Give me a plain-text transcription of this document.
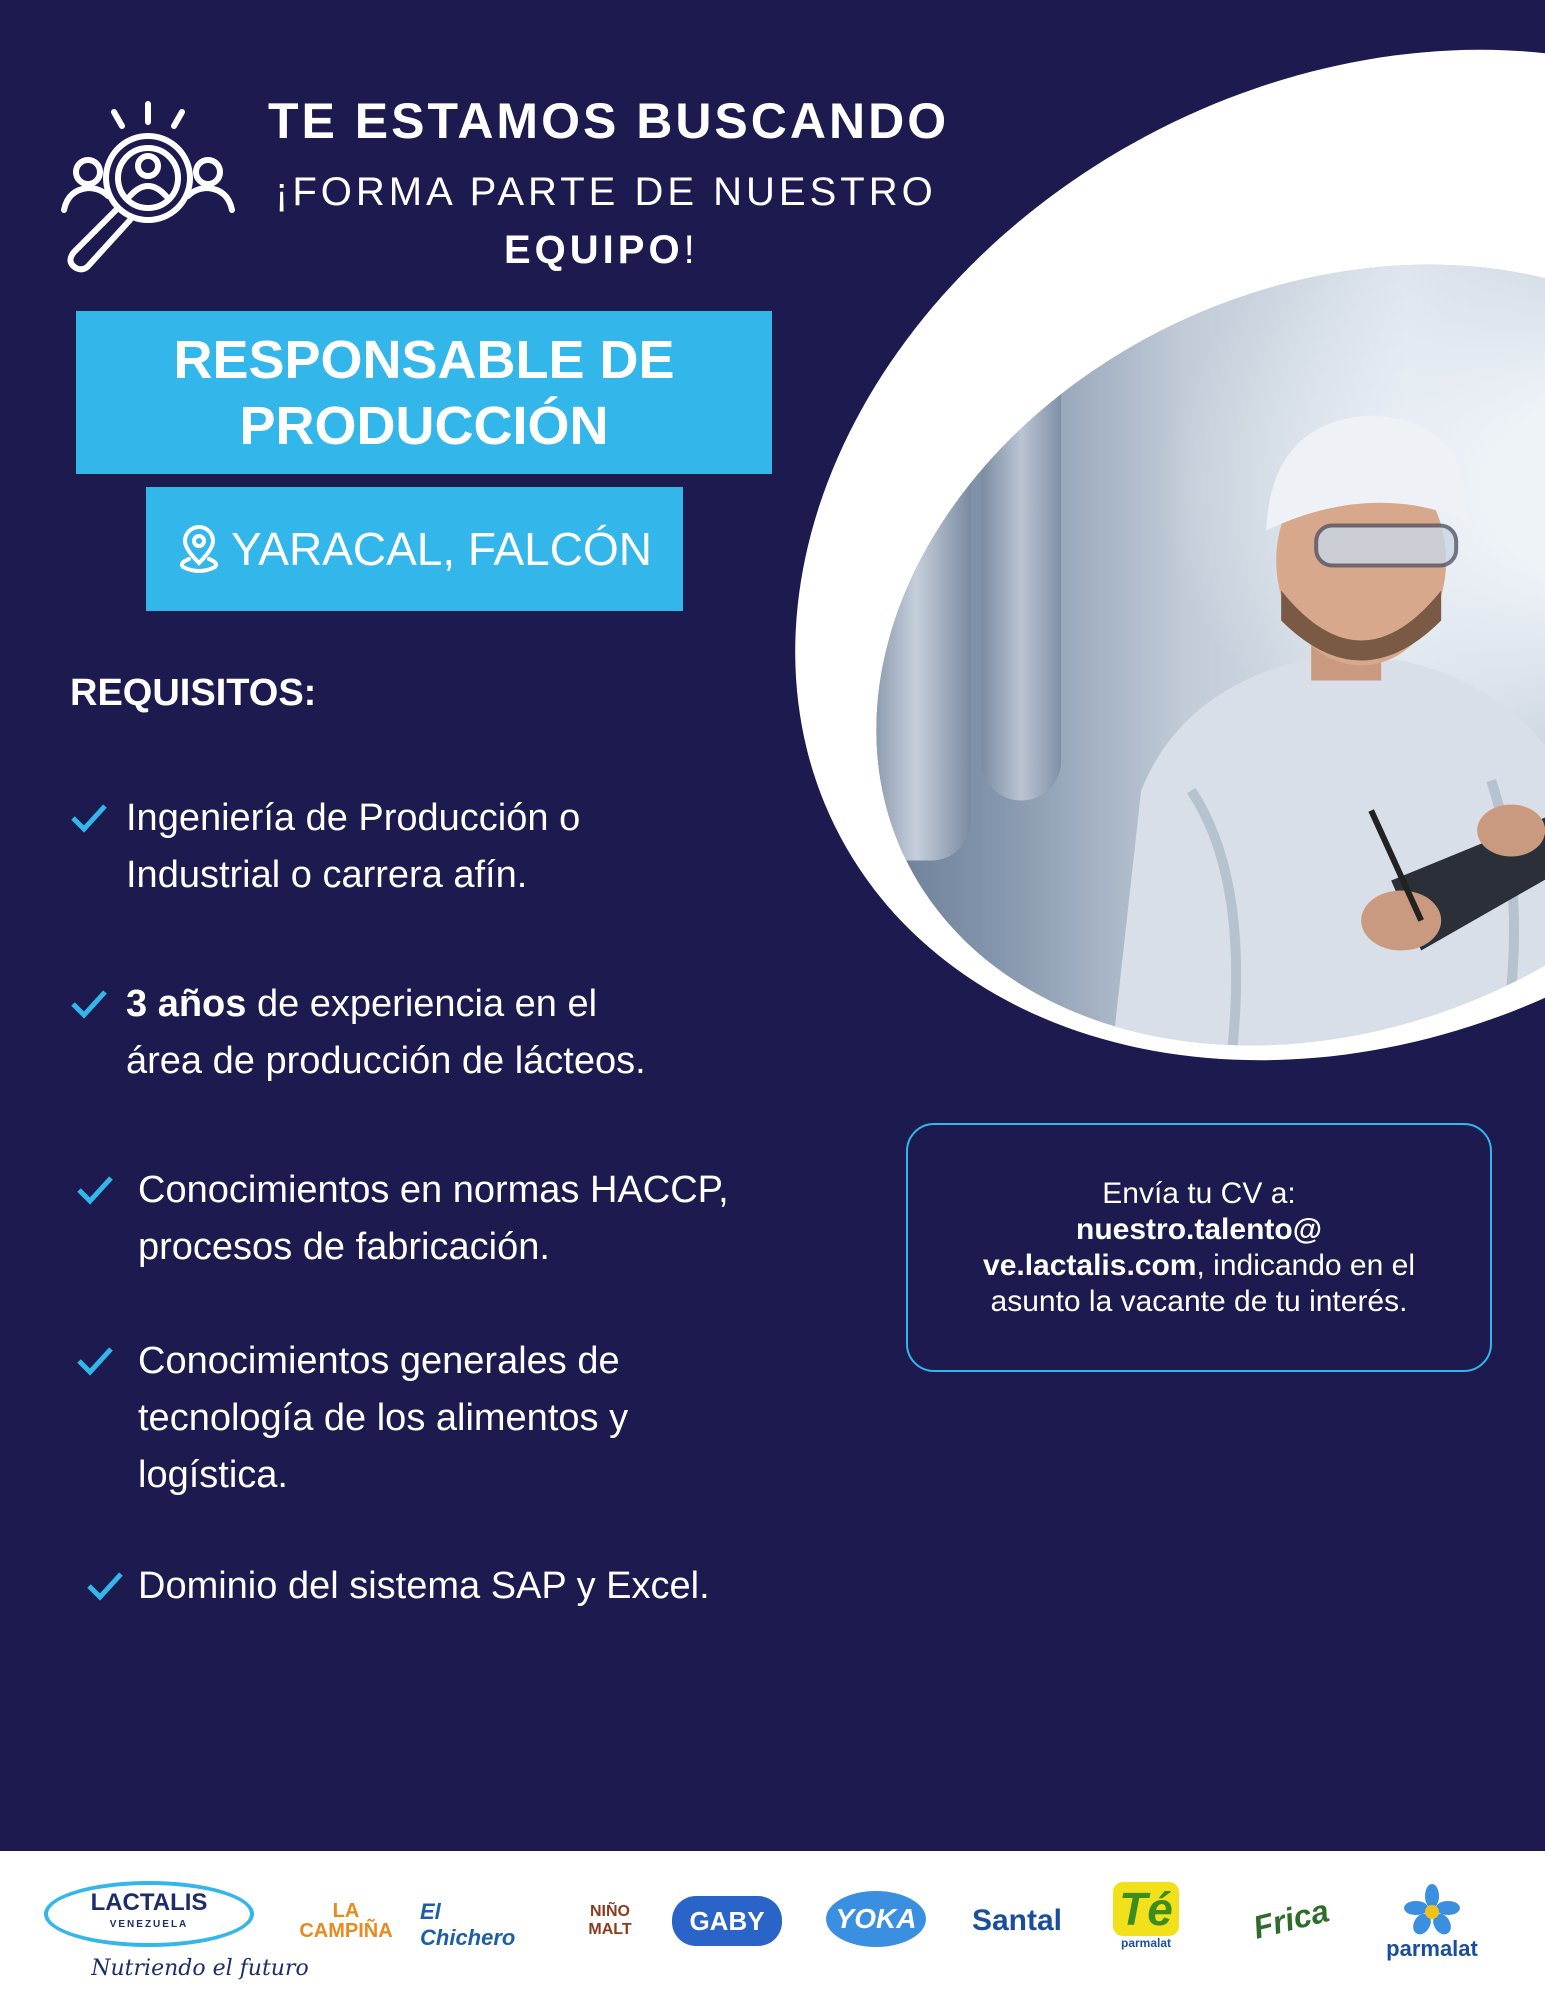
TE ESTAMOS BUSCANDO
¡FORMA PARTE DE NUESTRO
EQUIPO!
RESPONSABLE DE
PRODUCCIÓN
YARACAL, FALCÓN
REQUISITOS:
Ingeniería de Producción o
Industrial o carrera afín.
3 años de experiencia en el
área de producción de lácteos.
Conocimientos en normas HACCP,
procesos de fabricación.
Conocimientos generales de
tecnología de los alimentos y
logística.
Dominio del sistema SAP y Excel.
Envía tu CV a:
nuestro.talento@
ve.lactalis.com, indicando en el
asunto la vacante de tu interés.
LACTALIS
VENEZUELA
Nutriendo el futuro
LA CAMPIÑA
El Chichero
NIÑO MALT	GABY	YOKA	Santal Té
parmalat Frica
parmalat
